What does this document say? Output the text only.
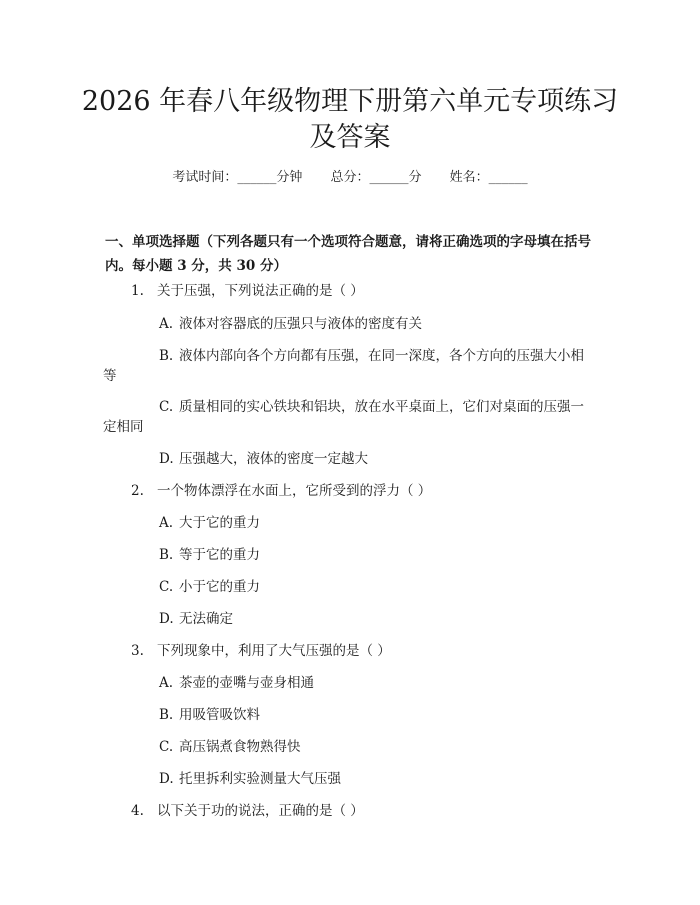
2026 年春八年级物理下册第六单元专项练习
及答案
考试时间：______分钟 总分：______分 姓名：______

一、单项选择题（下列各题只有一个选项符合题意，请将正确选项的字母填在括号内。每小题 3 分，共 30 分）

1. 关于压强，下列说法正确的是（ ）
A. 液体对容器底的压强只与液体的密度有关
B. 液体内部向各个方向都有压强，在同一深度，各个方向的压强大小相
等
C. 质量相同的实心铁块和铝块，放在水平桌面上，它们对桌面的压强一
定相同
D. 压强越大，液体的密度一定越大
2. 一个物体漂浮在水面上，它所受到的浮力（ ）
A. 大于它的重力
B. 等于它的重力
C. 小于它的重力
D. 无法确定
3. 下列现象中，利用了大气压强的是（ ）
A. 茶壶的壶嘴与壶身相通
B. 用吸管吸饮料
C. 高压锅煮食物熟得快
D. 托里拆利实验测量大气压强
4. 以下关于功的说法，正确的是（ ）
